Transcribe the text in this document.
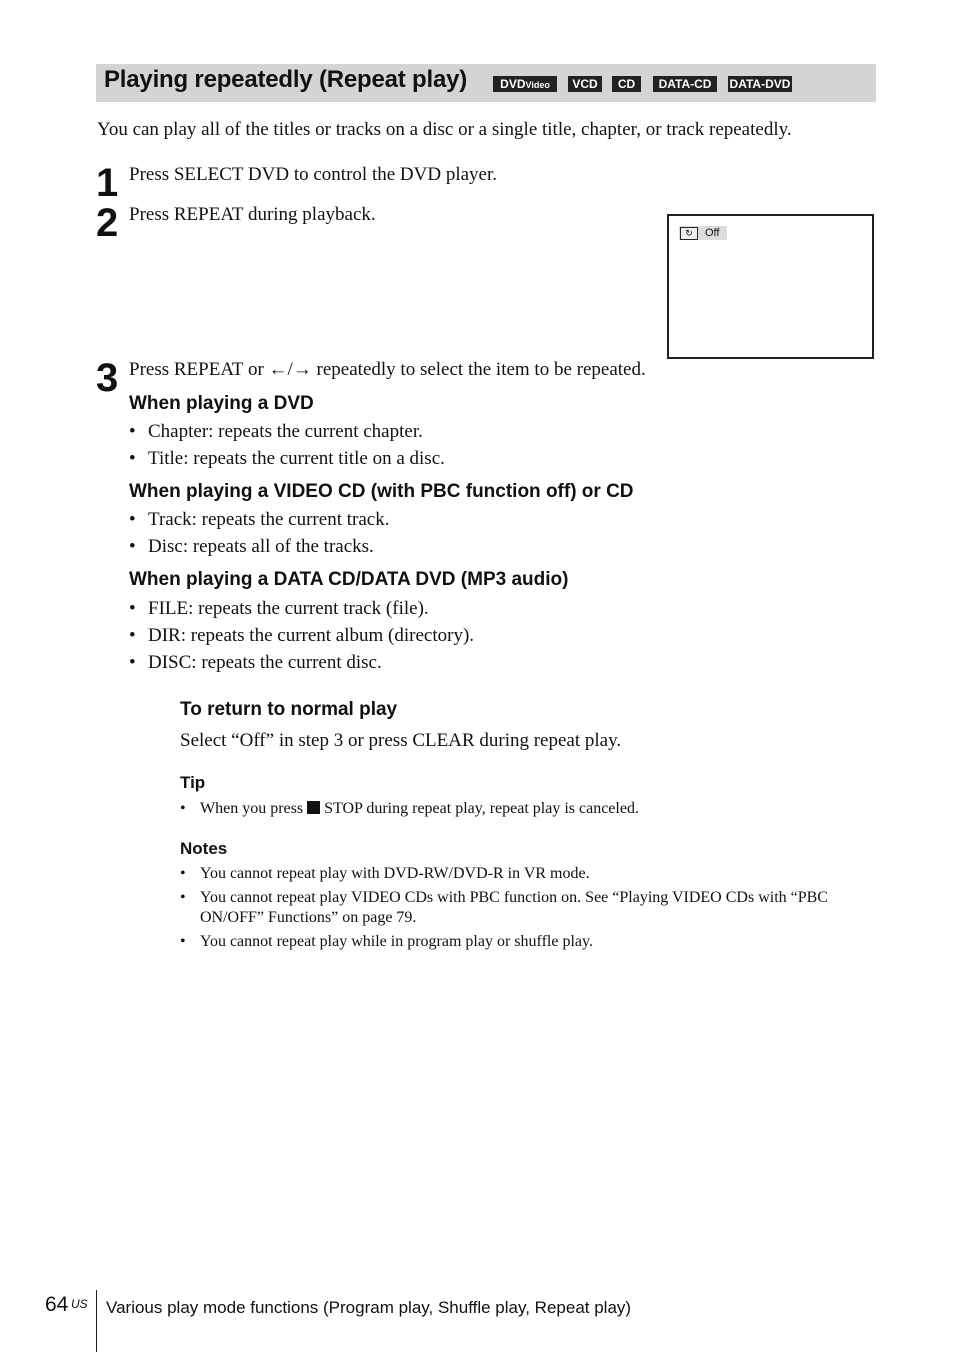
Playing repeatedly (Repeat play)	DVDVideo	VCD	CD	DATA-CD	DATA-DVD
You can play all of the titles or tracks on a disc or a single title, chapter, or track repeatedly.
1 Press SELECT DVD to control the DVD player.
2 Press REPEAT during playback.
↻	Off
3 Press REPEAT or ←/→ repeatedly to select the item to be repeated.
When playing a DVD
• Chapter: repeats the current chapter.
• Title: repeats the current title on a disc.
When playing a VIDEO CD (with PBC function off) or CD
• Track: repeats the current track.
• Disc: repeats all of the tracks.
When playing a DATA CD/DATA DVD (MP3 audio)
• FILE: repeats the current track (file).
• DIR: repeats the current album (directory).
• DISC: repeats the current disc.
To return to normal play
Select “Off” in step 3 or press CLEAR during repeat play.
Tip
• When you press  STOP during repeat play, repeat play is canceled.
Notes
• You cannot repeat play with DVD-RW/DVD-R in VR mode.
• You cannot repeat play VIDEO CDs with PBC function on. See “Playing VIDEO CDs with “PBC ON/OFF” Functions” on page 79.
• You cannot repeat play while in program play or shuffle play.
64 US Various play mode functions (Program play, Shuffle play, Repeat play)
